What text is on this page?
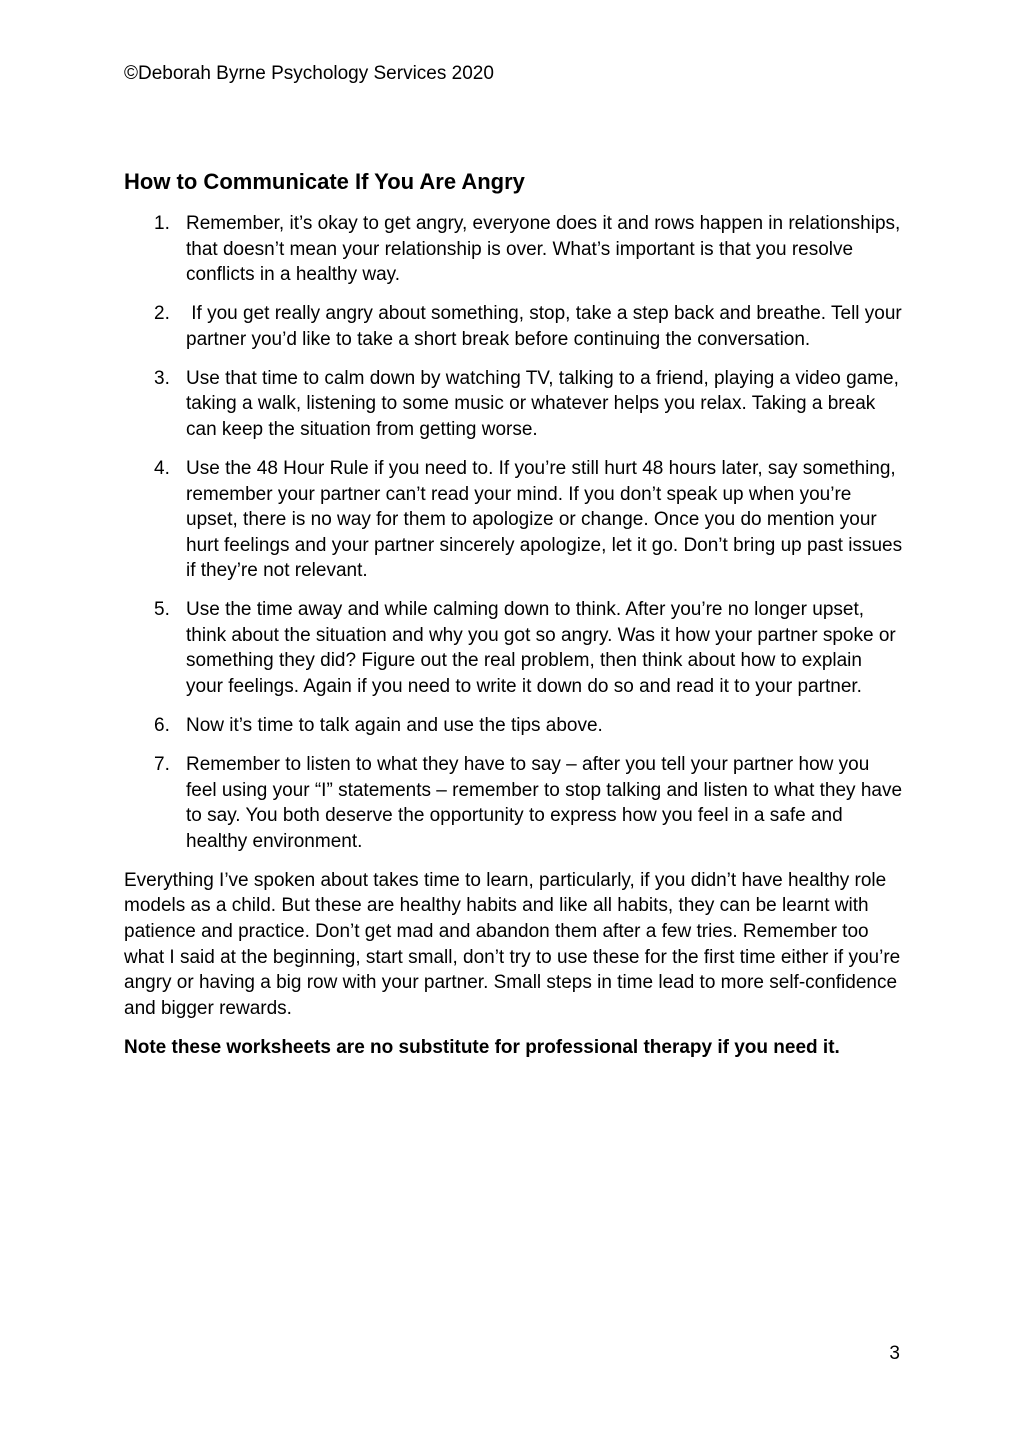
©Deborah Byrne Psychology Services 2020

How to Communicate If You Are Angry
1. Remember, it’s okay to get angry, everyone does it and rows happen in relationships, that doesn’t mean your relationship is over. What’s important is that you resolve conflicts in a healthy way.
2. If you get really angry about something, stop, take a step back and breathe. Tell your partner you’d like to take a short break before continuing the conversation.
3. Use that time to calm down by watching TV, talking to a friend, playing a video game, taking a walk, listening to some music or whatever helps you relax. Taking a break can keep the situation from getting worse.
4. Use the 48 Hour Rule if you need to. If you’re still hurt 48 hours later, say something, remember your partner can’t read your mind. If you don’t speak up when you’re upset, there is no way for them to apologize or change. Once you do mention your hurt feelings and your partner sincerely apologize, let it go. Don’t bring up past issues if they’re not relevant.
5. Use the time away and while calming down to think. After you’re no longer upset, think about the situation and why you got so angry. Was it how your partner spoke or something they did? Figure out the real problem, then think about how to explain your feelings. Again if you need to write it down do so and read it to your partner.
6. Now it’s time to talk again and use the tips above.
7. Remember to listen to what they have to say – after you tell your partner how you feel using your “I” statements – remember to stop talking and listen to what they have to say. You both deserve the opportunity to express how you feel in a safe and healthy environment.

Everything I’ve spoken about takes time to learn, particularly, if you didn’t have healthy role models as a child. But these are healthy habits and like all habits, they can be learnt with patience and practice. Don’t get mad and abandon them after a few tries. Remember too what I said at the beginning, start small, don’t try to use these for the first time either if you’re angry or having a big row with your partner. Small steps in time lead to more self-confidence and bigger rewards.

Note these worksheets are no substitute for professional therapy if you need it.

3
